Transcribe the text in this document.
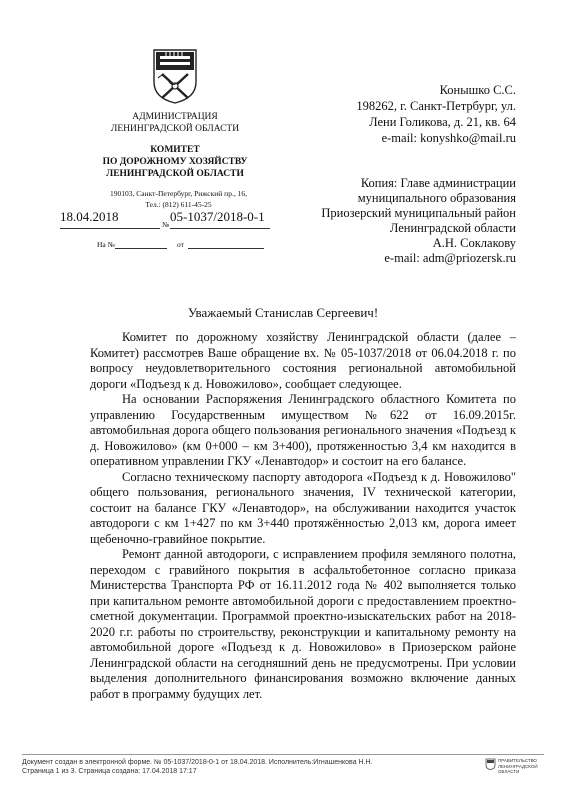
АДМИНИСТРАЦИЯ
ЛЕНИНГРАДСКОЙ ОБЛАСТИ
КОМИТЕТ
ПО ДОРОЖНОМУ ХОЗЯЙСТВУ
ЛЕНИНГРАДСКОЙ ОБЛАСТИ
190103, Санкт-Петербург, Рижский пр., 16,
Тел.: (812) 611-45-25
18.04.2018
№
05-1037/2018-0-1
На №	от
Конышко С.С.
198262, г. Санкт-Петрбург, ул.
Лени Голикова, д. 21, кв. 64
e-mail: konyshko@mail.ru
Копия: Главе администрации
муниципального образования
Приозерский муниципальный район
Ленинградской области
А.Н. Соклакову
e-mail: adm@priozersk.ru
Уважаемый Станислав Сергеевич!

Комитет по дорожному хозяйству Ленинградской области (далее – Комитет) рассмотрев Ваше обращение вх. № 05-1037/2018 от 06.04.2018 г. по вопросу неудовлетворительного состояния региональной автомобильной дороги «Подъезд к д. Новожилово», сообщает следующее.

На основании Распоряжения Ленинградского областного Комитета по управлению Государственным имуществом №622 от 16.09.2015г. автомобильная дорога общего пользования регионального значения «Подъезд к д. Новожилово» (км 0+000 – км 3+400), протяженностью 3,4 км находится в оперативном управлении ГКУ «Ленавтодор» и состоит на его балансе.

Согласно техническому паспорту автодорога «Подъезд к д. Новожилово" общего пользования, регионального значения, IV технической категории, состоит на балансе ГКУ «Ленавтодор», на обслуживании находится участок автодороги с км 1+427 по км 3+440 протяжённостью 2,013 км, дорога имеет щебеночно-гравийное покрытие.

Ремонт данной автодороги, с исправлением профиля земляного полотна, переходом с гравийного покрытия в асфальтобетонное согласно приказа Министерства Транспорта РФ от 16.11.2012 года № 402 выполняется только при капитальном ремонте автомобильной дороги с предоставлением проектно-сметной документации. Программой проектно-изыскательских работ на 2018-2020 г.г. работы по строительству, реконструкции и капитальному ремонту на автомобильной дороге «Подъезд к д. Новожилово» в Приозерском районе Ленинградской области на сегодняшний день не предусмотрены. При условии выделения дополнительного финансирования возможно включение данных работ в программу будущих лет.

Документ создан в электронной форме. № 05-1037/2018-0-1 от 18.04.2018. Исполнитель:Игнашенкова Н.Н.
Страница 1 из 3. Страница создана: 17.04.2018 17:17
ПРАВИТЕЛЬСТВО
ЛЕНИНГРАДСКОЙ
ОБЛАСТИ
